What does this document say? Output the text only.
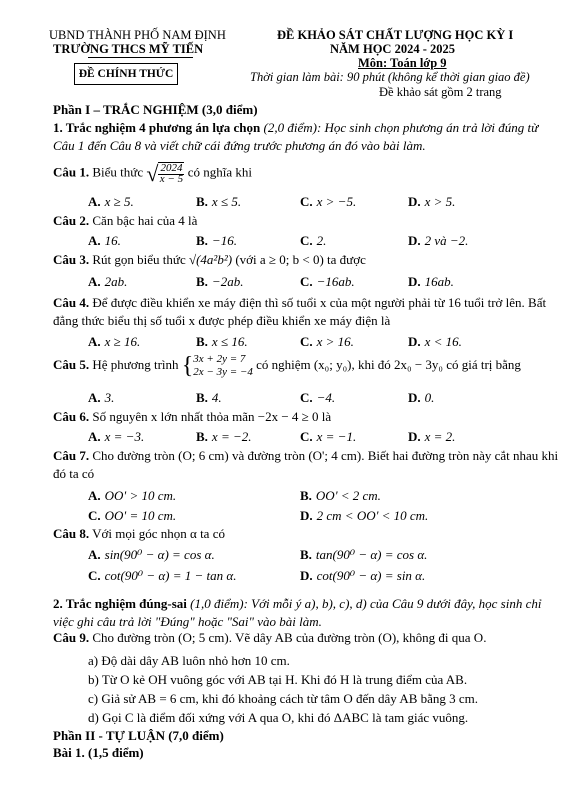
UBND THÀNH PHỐ NAM ĐỊNH
TRƯỜNG THCS MỸ TIẾN
ĐỀ CHÍNH THỨC
ĐỀ KHẢO SÁT CHẤT LƯỢNG HỌC KỲ I
NĂM HỌC 2024 - 2025
Môn: Toán lớp 9
Thời gian làm bài: 90 phút (không kể thời gian giao đề)
Đề khảo sát gồm 2 trang
Phần I – TRẮC NGHIỆM (3,0 điểm)
1. Trắc nghiệm 4 phương án lựa chọn (2,0 điểm): Học sinh chọn phương án trả lời đúng từ Câu 1 đến Câu 8 và viết chữ cái đứng trước phương án đó vào bài làm.
Câu 1. Biểu thức $√\frac{2024}{x - 5}$ có nghĩa khi
A. x ≥ 5.	B. x ≤ 5.	C. x > −5.	D. x > 5.
Câu 2. Căn bậc hai của 4 là
A. 16.	B. −16.	C. 2.	D. 2 và −2.
Câu 3. Rút gọn biểu thức √(4a²b²) (với a ≥ 0; b < 0) ta được
A. 2ab.	B. −2ab.	C. −16ab.	D. 16ab.
Câu 4. Để được điều khiển xe máy điện thì số tuổi x của một người phải từ 16 tuổi trở lên. Bất đẳng thức biểu thị số tuổi x được phép điều khiển xe máy điện là
A. x ≥ 16.	B. x ≤ 16.	C. x > 16.	D. x < 16.
Câu 5. Hệ phương trình {3x + 2y = 7
2x − 3y = −4 có nghiệm (x₀; y₀), khi đó 2x₀ − 3y₀ có giá trị bằng
A. 3.	B. 4.	C. −4.	D. 0.
Câu 6. Số nguyên x lớn nhất thỏa mãn −2x − 4 ≥ 0 là
A. x = −3.	B. x = −2.	C. x = −1.	D. x = 2.
Câu 7. Cho đường tròn (O; 6 cm) và đường tròn (O'; 4 cm). Biết hai đường tròn này cắt nhau khi đó ta có
A. OO' > 10 cm.	B. OO' < 2 cm.
C. OO' = 10 cm.	D. 2 cm < OO' < 10 cm.
Câu 8. Với mọi góc nhọn α ta có
A. sin(90⁰ − α) = cos α.	B. tan(90⁰ − α) = cos α.
C. cot(90⁰ − α) = 1 − tan α.	D. cot(90⁰ − α) = sin α.
2. Trắc nghiệm đúng-sai (1,0 điểm): Với mỗi ý a), b), c), d) của Câu 9 dưới đây, học sinh chỉ việc ghi câu trả lời "Đúng" hoặc "Sai" vào bài làm.
Câu 9. Cho đường tròn (O; 5 cm). Vẽ dây AB của đường tròn (O), không đi qua O.
a) Độ dài dây AB luôn nhỏ hơn 10 cm.
b) Từ O kẻ OH vuông góc với AB tại H. Khi đó H là trung điểm của AB.
c) Giả sử AB = 6 cm, khi đó khoảng cách từ tâm O đến dây AB bằng 3 cm.
d) Gọi C là điểm đối xứng với A qua O, khi đó ΔABC là tam giác vuông.
Phần II - TỰ LUẬN (7,0 điểm)
Bài 1. (1,5 điểm)
